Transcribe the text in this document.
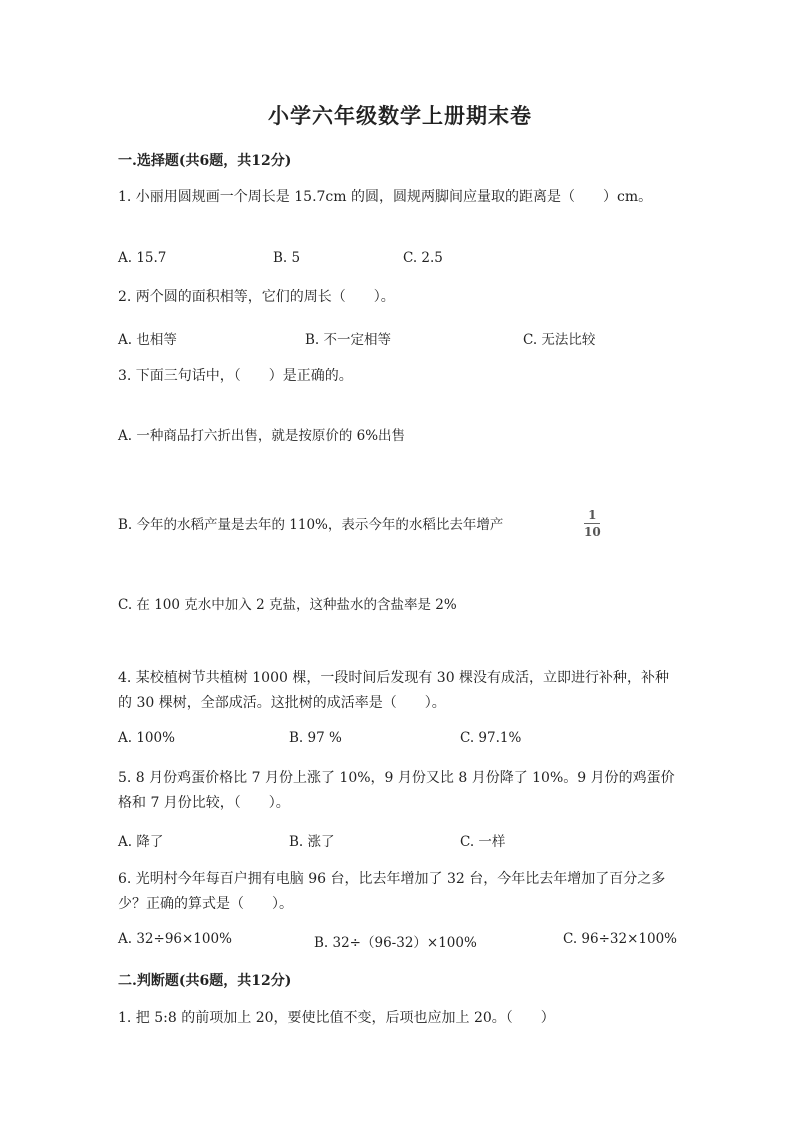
小学六年级数学上册期末卷
一.选择题(共6题，共12分)
1. 小丽用圆规画一个周长是 15.7cm 的圆，圆规两脚间应量取的距离是（　　）cm。
A. 15.7	B. 5	C. 2.5
2. 两个圆的面积相等，它们的周长（　　）。
A. 也相等	B. 不一定相等	C. 无法比较
3. 下面三句话中，（　　）是正确的。
A. 一种商品打六折出售，就是按原价的 6%出售
B. 今年的水稻产量是去年的 110%，表示今年的水稻比去年增产
1
10
C. 在 100 克水中加入 2 克盐，这种盐水的含盐率是 2%
4. 某校植树节共植树 1000 棵，一段时间后发现有 30 棵没有成活，立即进行补种，补种的 30 棵树，全部成活。这批树的成活率是（　　）。
A. 100%	B. 97 %	C. 97.1%
5. 8 月份鸡蛋价格比 7 月份上涨了 10%，9 月份又比 8 月份降了 10%。9 月份的鸡蛋价格和 7 月份比较，（　　）。
A. 降了	B. 涨了	C. 一样
6. 光明村今年每百户拥有电脑 96 台，比去年增加了 32 台，今年比去年增加了百分之多少？正确的算式是（　　）。
A. 32÷96×100%	B. 32÷（96-32）×100%	C. 96÷32×100%
二.判断题(共6题，共12分)
1. 把 5:8 的前项加上 20，要使比值不变，后项也应加上 20。（　　）
